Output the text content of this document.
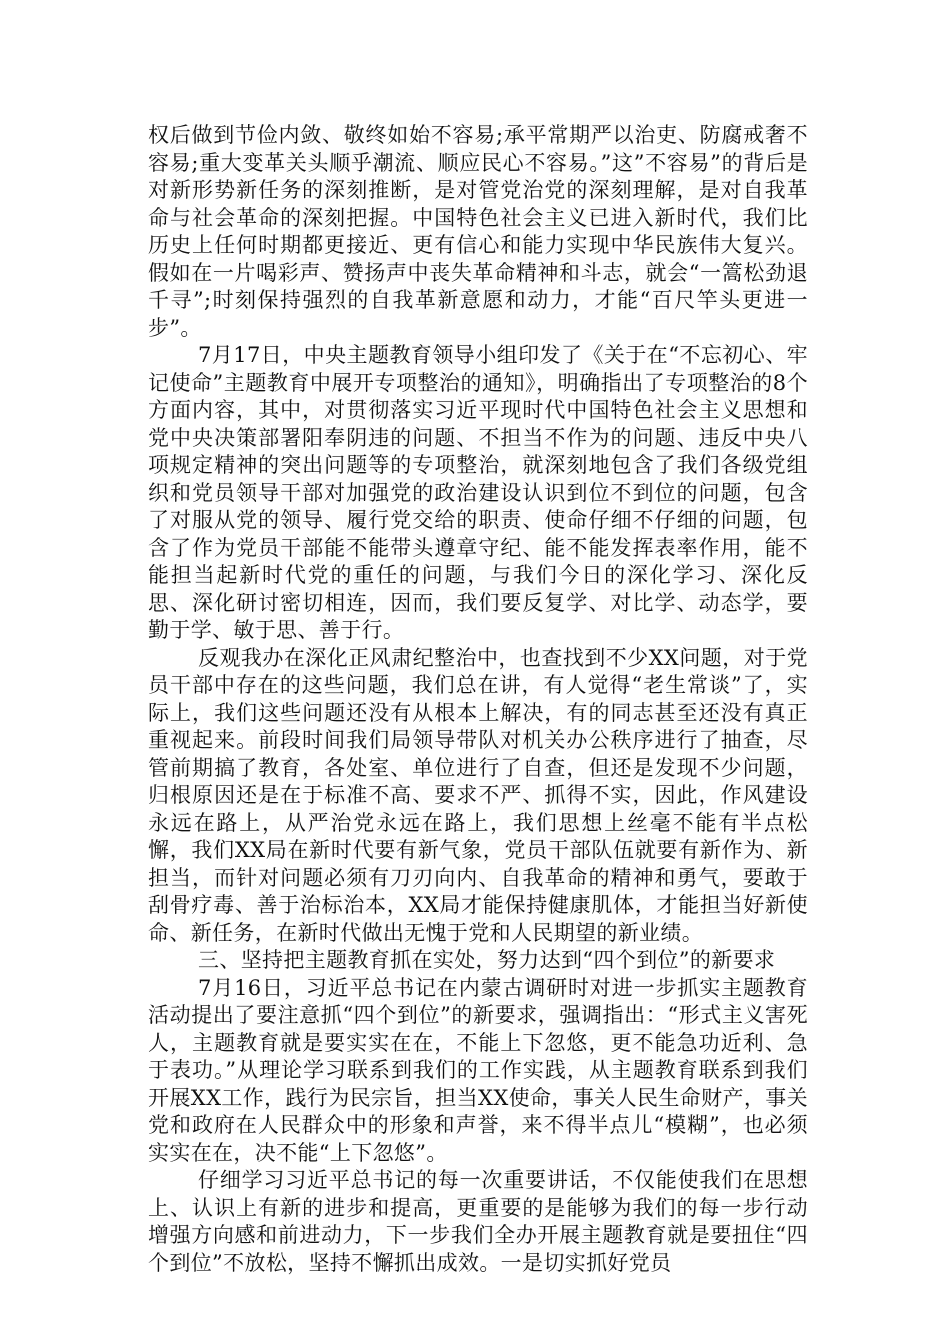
权后做到节俭内敛、敬终如始不容易;承平常期严以治吏、防腐戒奢不容易;重大变革关头顺乎潮流、顺应民心不容易。”这”不容易”的背后是对新形势新任务的深刻推断，是对管党治党的深刻理解，是对自我革命与社会革命的深刻把握。中国特色社会主义已进入新时代，我们比历史上任何时期都更接近、更有信心和能力实现中华民族伟大复兴。假如在一片喝彩声、赞扬声中丧失革命精神和斗志，就会“一篙松劲退千寻”;时刻保持强烈的自我革新意愿和动力，才能“百尺竿头更进一步”。

7月17日，中央主题教育领导小组印发了《关于在“不忘初心、牢记使命”主题教育中展开专项整治的通知》，明确指出了专项整治的8个方面内容，其中，对贯彻落实习近平现时代中国特色社会主义思想和党中央决策部署阳奉阴违的问题、不担当不作为的问题、违反中央八项规定精神的突出问题等的专项整治，就深刻地包含了我们各级党组织和党员领导干部对加强党的政治建设认识到位不到位的问题，包含了对服从党的领导、履行党交给的职责、使命仔细不仔细的问题，包含了作为党员干部能不能带头遵章守纪、能不能发挥表率作用，能不能担当起新时代党的重任的问题，与我们今日的深化学习、深化反思、深化研讨密切相连，因而，我们要反复学、对比学、动态学，要勤于学、敏于思、善于行。

反观我办在深化正风肃纪整治中，也查找到不少XX问题，对于党员干部中存在的这些问题，我们总在讲，有人觉得“老生常谈”了，实际上，我们这些问题还没有从根本上解决，有的同志甚至还没有真正重视起来。前段时间我们局领导带队对机关办公秩序进行了抽查，尽管前期搞了教育，各处室、单位进行了自查，但还是发现不少问题，归根原因还是在于标准不高、要求不严、抓得不实，因此，作风建设永远在路上，从严治党永远在路上，我们思想上丝毫不能有半点松懈，我们XX局在新时代要有新气象，党员干部队伍就要有新作为、新担当，而针对问题必须有刀刃向内、自我革命的精神和勇气，要敢于刮骨疗毒、善于治标治本，XX局才能保持健康肌体，才能担当好新使命、新任务，在新时代做出无愧于党和人民期望的新业绩。

三、坚持把主题教育抓在实处，努力达到“四个到位”的新要求

7月16日，习近平总书记在内蒙古调研时对进一步抓实主题教育活动提出了要注意抓“四个到位”的新要求，强调指出：“形式主义害死人，主题教育就是要实实在在，不能上下忽悠，更不能急功近利、急于表功。”从理论学习联系到我们的工作实践，从主题教育联系到我们开展XX工作，践行为民宗旨，担当XX使命，事关人民生命财产，事关党和政府在人民群众中的形象和声誉，来不得半点儿“模糊”，也必须实实在在，决不能“上下忽悠”。

仔细学习习近平总书记的每一次重要讲话，不仅能使我们在思想上、认识上有新的进步和提高，更重要的是能够为我们的每一步行动增强方向感和前进动力，下一步我们全办开展主题教育就是要扭住“四个到位”不放松，坚持不懈抓出成效。一是切实抓好党员
